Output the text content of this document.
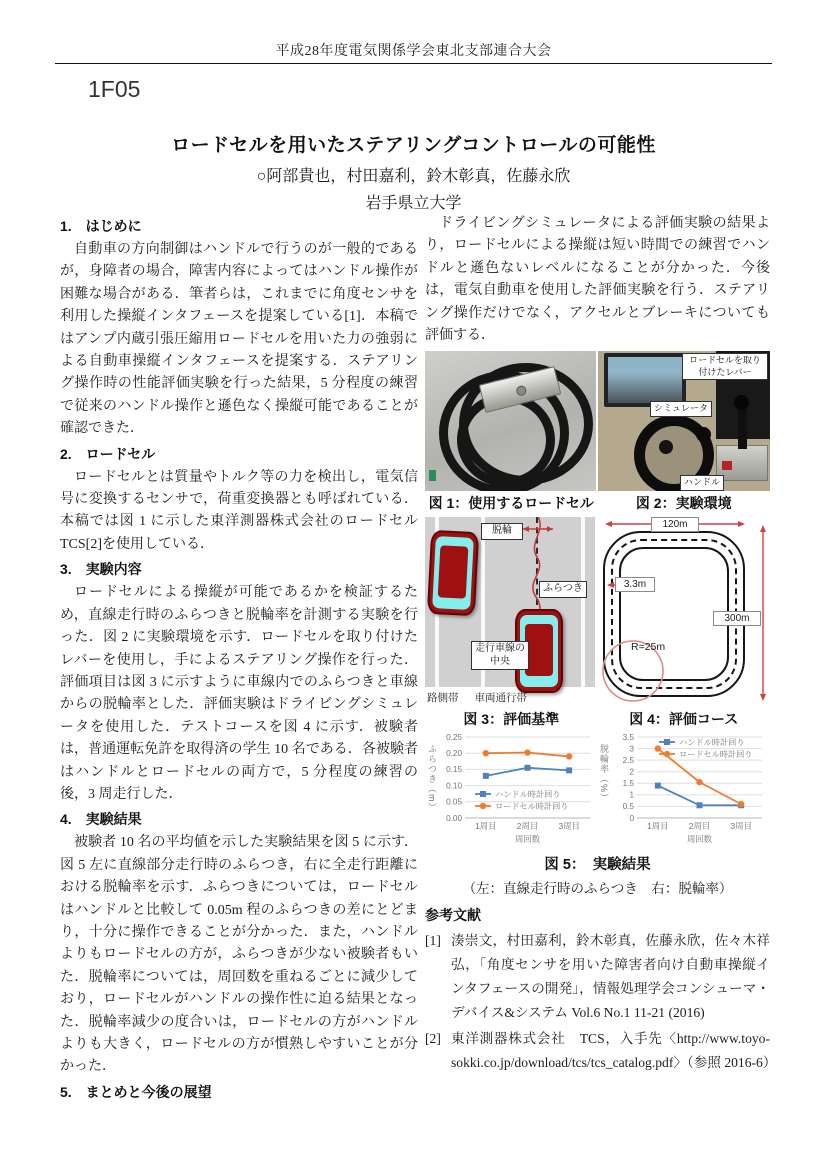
平成28年度電気関係学会東北支部連合大会
1F05
ロードセルを用いたステアリングコントロールの可能性
○阿部貴也，村田嘉利，鈴木彰真，佐藤永欣
岩手県立大学
1.　はじめに

自動車の方向制御はハンドルで行うのが一般的であるが，身障者の場合，障害内容によってはハンドル操作が困難な場合がある．筆者らは，これまでに角度センサを利用した操縦インタフェースを提案している[1]．本稿ではアンプ内蔵引張圧縮用ロードセルを用いた力の強弱による自動車操縦インタフェースを提案する．ステアリング操作時の性能評価実験を行った結果，5 分程度の練習で従来のハンドル操作と遜色なく操縦可能であることが確認できた．

2.　ロードセル

ロードセルとは質量やトルク等の力を検出し，電気信号に変換するセンサで，荷重変換器とも呼ばれている．本稿では図 1 に示した東洋測器株式会社のロードセル TCS[2]を使用している．

3.　実験内容

ロードセルによる操縦が可能であるかを検証するため，直線走行時のふらつきと脱輪率を計測する実験を行った．図 2 に実験環境を示す．ロードセルを取り付けたレバーを使用し，手によるステアリング操作を行った．評価項目は図 3 に示すように車線内でのふらつきと車線からの脱輪率とした．評価実験はドライビングシミュレータを使用した．テストコースを図 4 に示す．被験者は，普通運転免許を取得済の学生 10 名である．各被験者はハンドルとロードセルの両方で，5 分程度の練習の後，3 周走行した．

4.　実験結果

被験者 10 名の平均値を示した実験結果を図 5 に示す．図 5 左に直線部分走行時のふらつき，右に全走行距離における脱輪率を示す．ふらつきについては，ロードセルはハンドルと比較して 0.05m 程のふらつきの差にとどまり，十分に操作できることが分かった．また，ハンドルよりもロードセルの方が，ふらつきが少ない被験者もいた．脱輪率については，周回数を重ねるごとに減少しており，ロードセルがハンドルの操作性に迫る結果となった．脱輪率減少の度合いは，ロードセルの方がハンドルよりも大きく，ロードセルの方が慣熟しやすいことが分かった．

5.　まとめと今後の展望

ドライビングシミュレータによる評価実験の結果より，ロードセルによる操縦は短い時間での練習でハンドルと遜色ないレベルになることが分かった．今後は，電気自動車を使用した評価実験を行う．ステアリング操作だけでなく，アクセルとブレーキについても評価する．

ロードセルを取り付けたレバー
シミュレータ
ハンドル
図 1：使用するロードセル	図 2：実験環境
脱輪
ふらつき
走行車線の中央
路側帯 車両通行帯
120m
3.3m
300m
R=25m
図 3：評価基準	図 4：評価コース
ふらつき（m）
0.00
0.05
0.10
0.15
0.20
0.25
1周目 2周目 3周目
周回数
ハンドル時計回り
ロードセル時計回り
脱輪率（%）
0
0.5
1
1.5
2
2.5
3
3.5
1周目 2周目 3周目
周回数
ハンドル時計回り
ロードセル時計回り
図 5：　実験結果
（左：直線走行時のふらつき　右：脱輪率）
参考文献
[1] 湊崇文，村田嘉利，鈴木彰真，佐藤永欣，佐々木祥弘，「角度センサを用いた障害者向け自動車操縦インタフェースの開発」，情報処理学会コンシューマ・デバイス&システム Vol.6 No.1 11-21 (2016)
[2] 東洋測器株式会社　TCS，入手先〈http://www.toyo-sokki.co.jp/download/tcs/tcs_catalog.pdf〉（参照 2016-6）
